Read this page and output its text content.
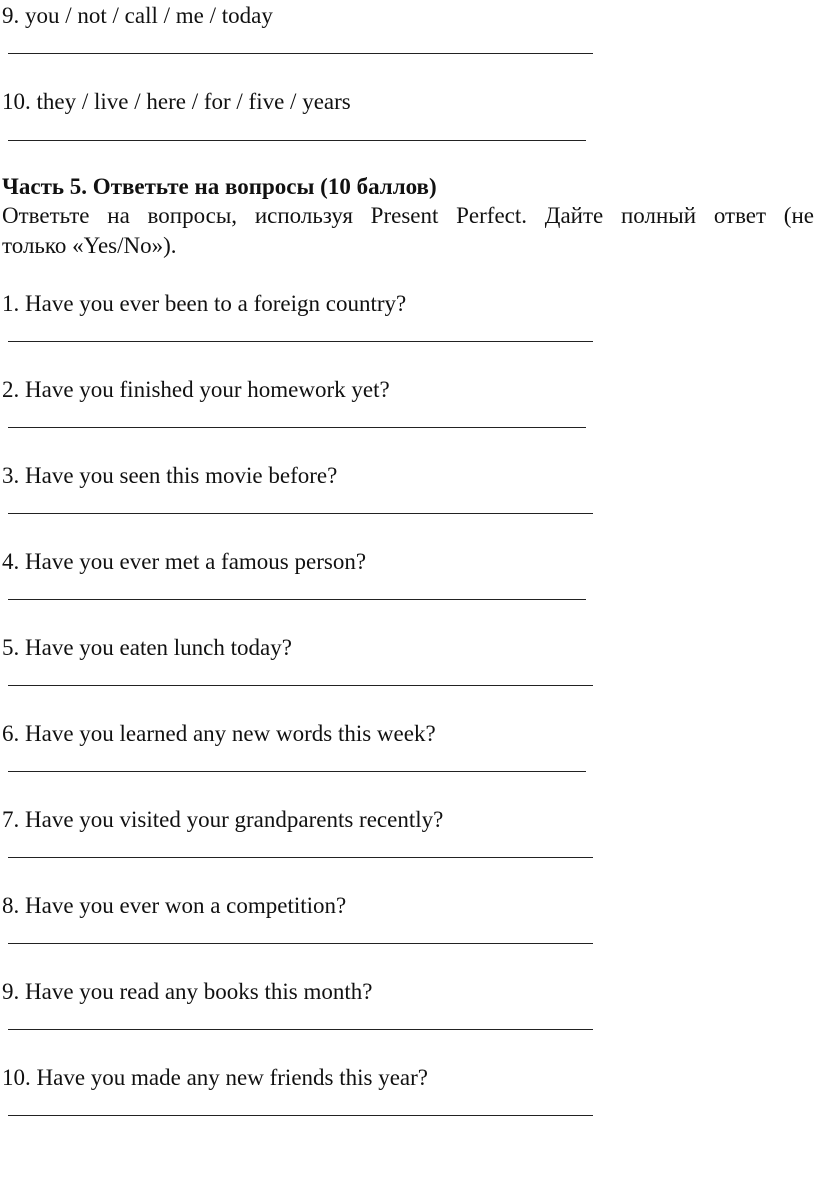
9. you / not / call / me / today
10. they / live / here / for / five / years
Часть 5. Ответьте на вопросы (10 баллов)
Ответьте на вопросы, используя Present Perfect. Дайте полный ответ (не
только «Yes/No»).
1. Have you ever been to a foreign country?
2. Have you finished your homework yet?
3. Have you seen this movie before?
4. Have you ever met a famous person?
5. Have you eaten lunch today?
6. Have you learned any new words this week?
7. Have you visited your grandparents recently?
8. Have you ever won a competition?
9. Have you read any books this month?
10. Have you made any new friends this year?
